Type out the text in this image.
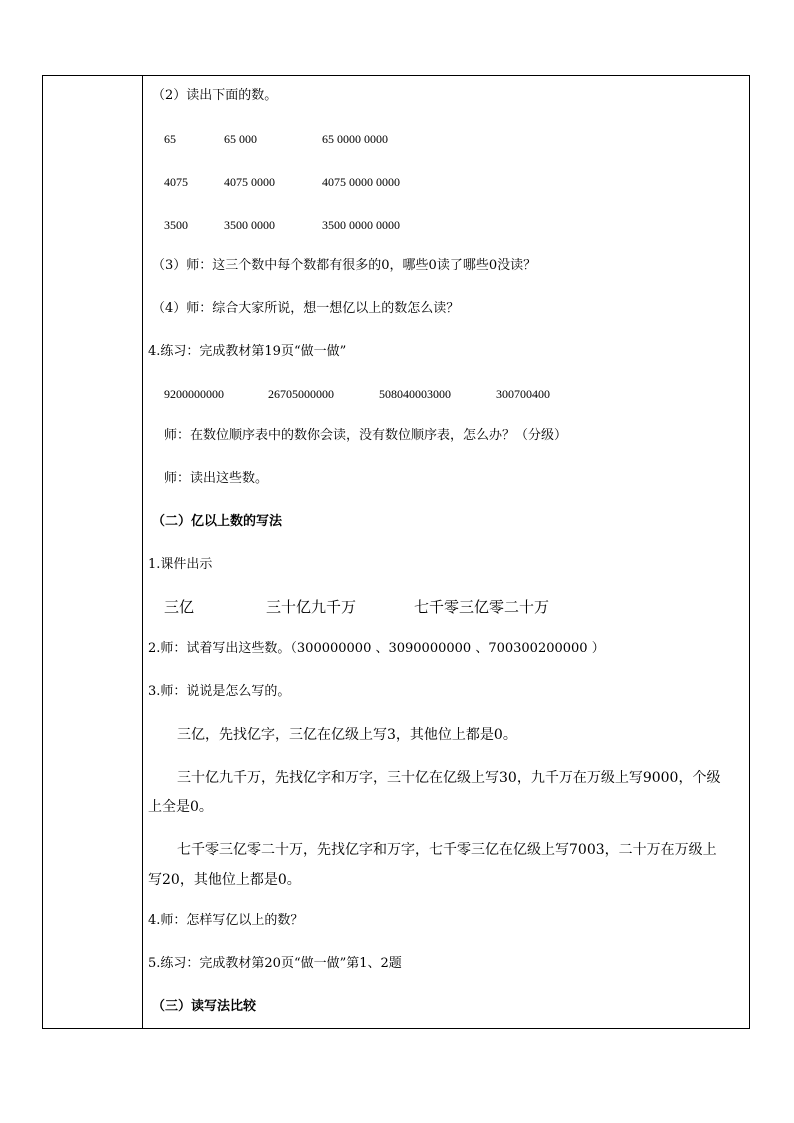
（2）读出下面的数。
65	65 000	65 0000 0000
4075	4075 0000	4075 0000 0000
3500	3500 0000	3500 0000 0000
（3）师：这三个数中每个数都有很多的0，哪些0读了哪些0没读？
（4）师：综合大家所说，想一想亿以上的数怎么读？
4.练习：完成教材第19页“做一做”
9200000000	26705000000	508040003000	300700400
师：在数位顺序表中的数你会读，没有数位顺序表，怎么办？（分级）
师：读出这些数。
（二）亿以上数的写法
1.课件出示
三亿	三十亿九千万	七千零三亿零二十万
2.师：试着写出这些数。（300000000 、3090000000 、700300200000 ）
3.师：说说是怎么写的。
三亿，先找亿字，三亿在亿级上写3，其他位上都是0。
三十亿九千万，先找亿字和万字，三十亿在亿级上写30，九千万在万级上写9000，个级
上全是0。
七千零三亿零二十万，先找亿字和万字，七千零三亿在亿级上写7003，二十万在万级上
写20，其他位上都是0。
4.师：怎样写亿以上的数？
5.练习：完成教材第20页“做一做”第1、2题
（三）读写法比较
